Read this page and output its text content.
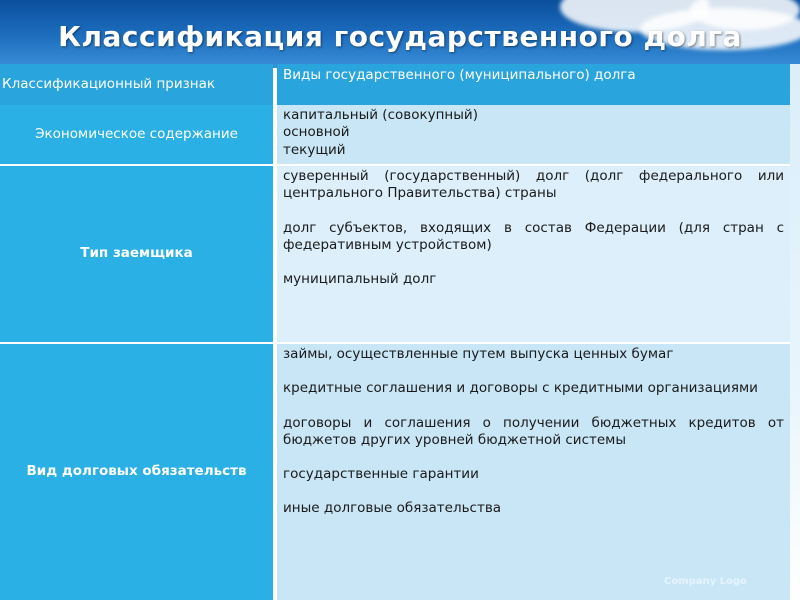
Классификация государственного долга
Классификационный признак
Виды государственного (муниципального) долга
Экономическое содержание
капитальный (совокупный)
основной
текущий
Тип заемщика
суверенный (государственный) долг (долг федерального или центрального Правительства) страны
долг субъектов, входящих в состав Федерации (для стран с федеративным устройством)
муниципальный долг
Вид долговых обязательств
займы, осуществленные путем выпуска ценных бумаг
кредитные соглашения и договоры с кредитными организациями
договоры и соглашения о получении бюджетных кредитов от бюджетов других уровней бюджетной системы
государственные гарантии
иные долговые обязательства
Company Logo
